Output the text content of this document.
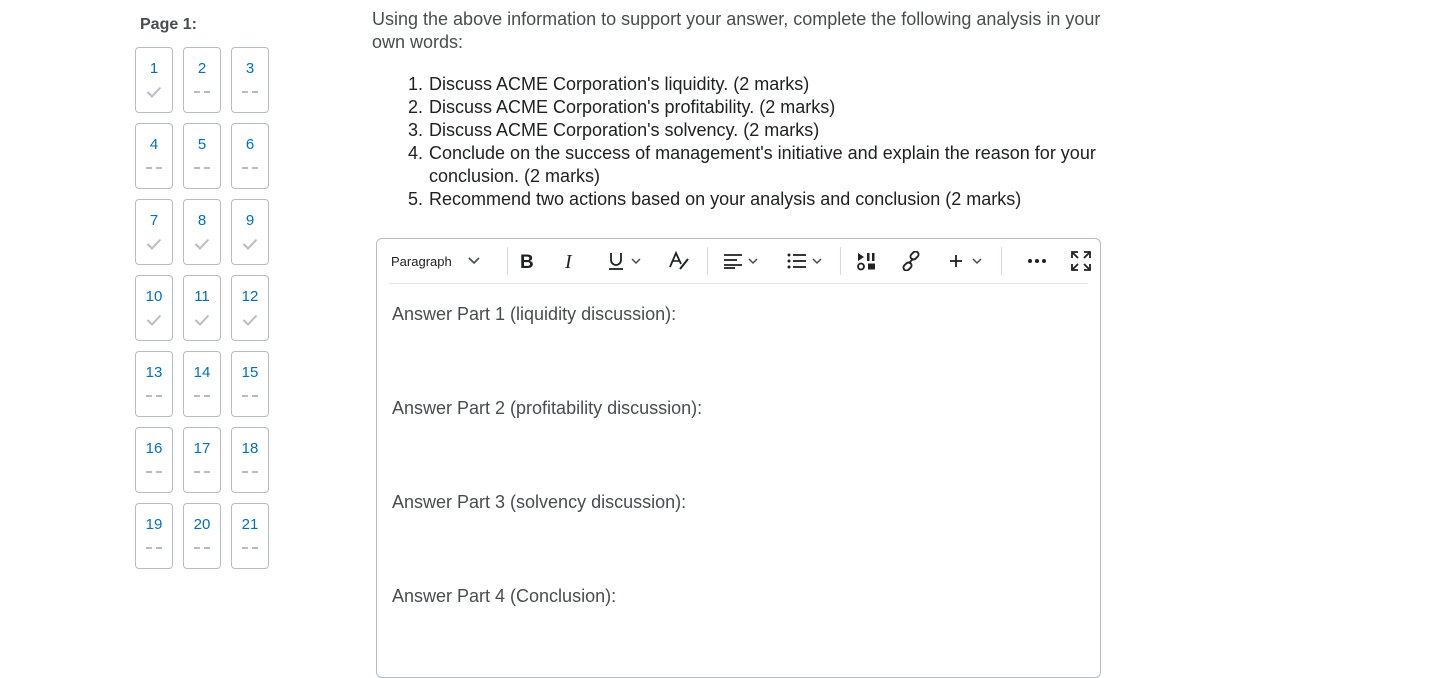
Page 1:
1	2	3
4	5	6
7	8	9
10	11	12
13	14	15
16	17	18
19	20	21
Using the above information to support your answer, complete the following analysis in your own words:
1. Discuss ACME Corporation's liquidity. (2 marks)
2. Discuss ACME Corporation's profitability. (2 marks)
3. Discuss ACME Corporation's solvency. (2 marks)
4. Conclude on the success of management's initiative and explain the reason for your conclusion. (2 marks)
5. Recommend two actions based on your analysis and conclusion (2 marks)
Paragraph	B I
Answer Part 1 (liquidity discussion):
Answer Part 2 (profitability discussion):
Answer Part 3 (solvency discussion):
Answer Part 4 (Conclusion):
